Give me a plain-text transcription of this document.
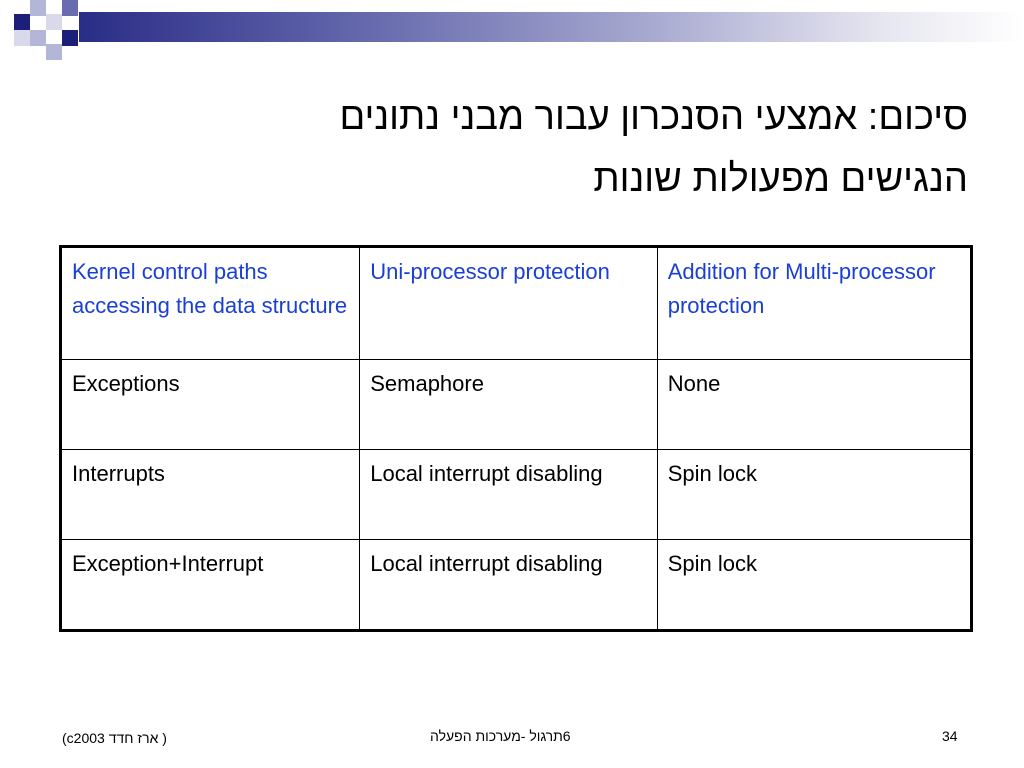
סיכום: אמצעי הסנכרון עבור מבני נתונים
הנגישים מפעולות שונות
Kernel control paths accessing the data structure	Uni-processor protection	Addition for Multi-processor protection
Exceptions	Semaphore	None
Interrupts	Local interrupt disabling	Spin lock
Exception+Interrupt	Local interrupt disabling	Spin lock
(c2003 ארז חדד )	6תרגול -מערכות הפעלה	34
